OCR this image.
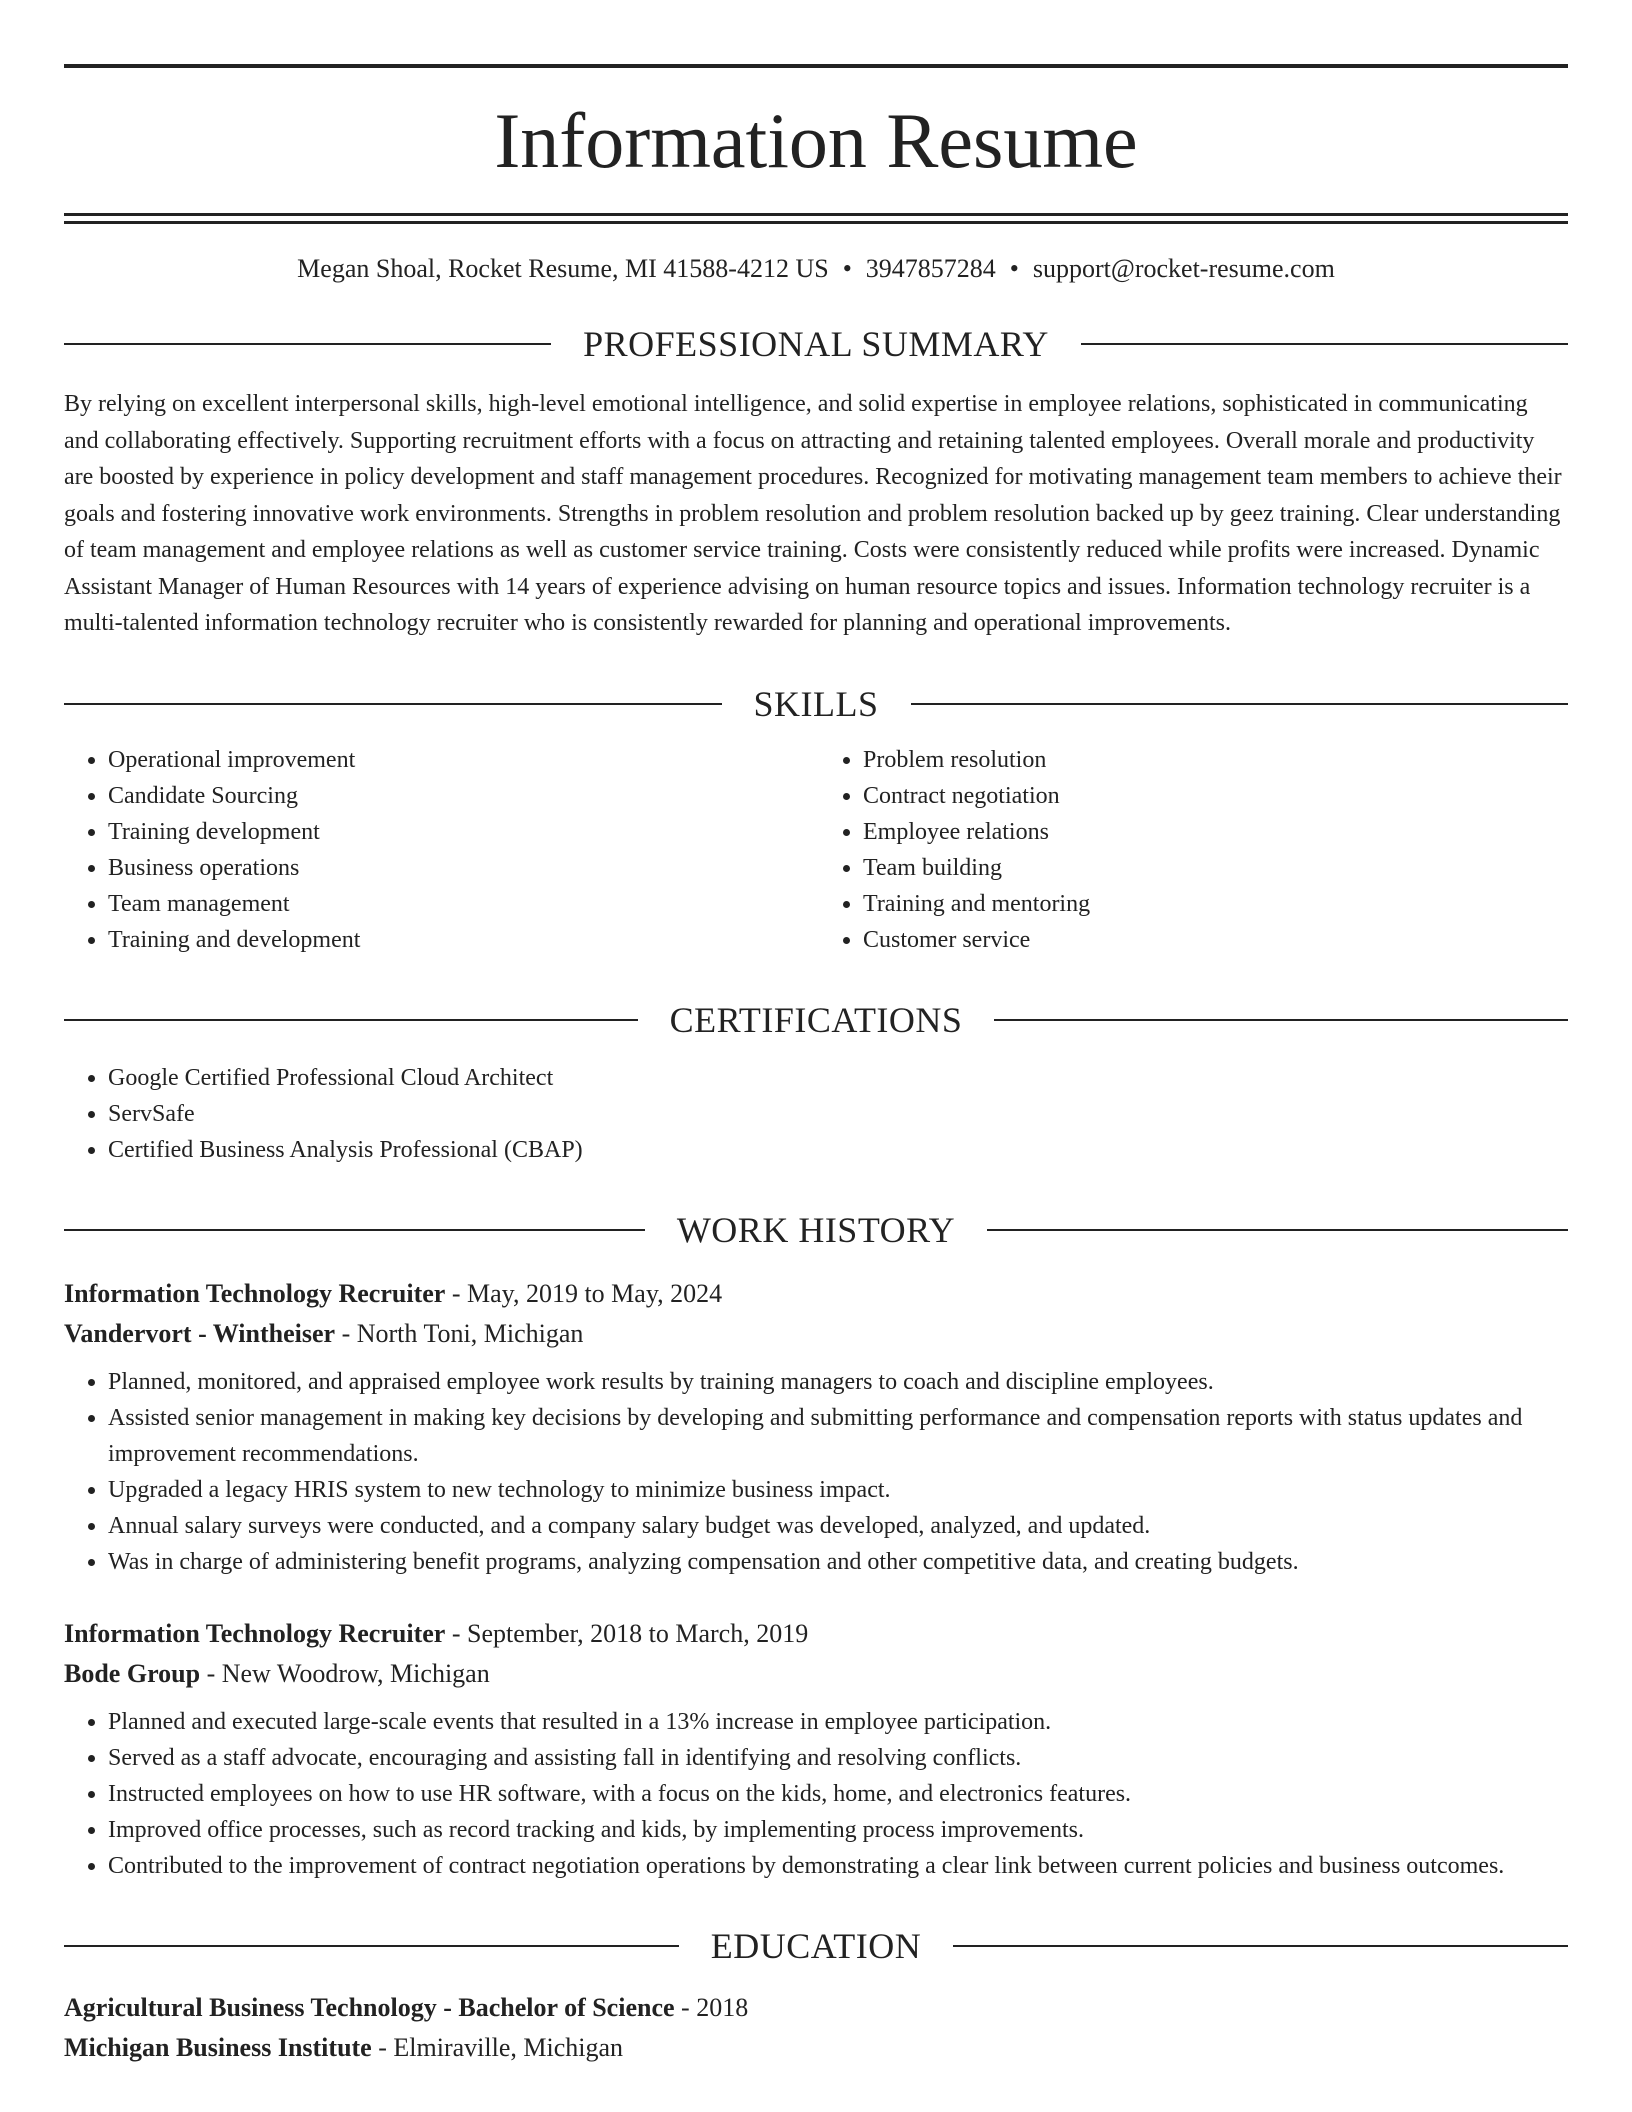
Information Resume
Megan Shoal, Rocket Resume, MI 41588-4212 US • 3947857284 • support@rocket-resume.com
PROFESSIONAL SUMMARY
By relying on excellent interpersonal skills, high-level emotional intelligence, and solid expertise in employee relations, sophisticated in communicating and collaborating effectively. Supporting recruitment efforts with a focus on attracting and retaining talented employees. Overall morale and productivity are boosted by experience in policy development and staff management procedures. Recognized for motivating management team members to achieve their goals and fostering innovative work environments. Strengths in problem resolution and problem resolution backed up by geez training. Clear understanding of team management and employee relations as well as customer service training. Costs were consistently reduced while profits were increased. Dynamic Assistant Manager of Human Resources with 14 years of experience advising on human resource topics and issues. Information technology recruiter is a multi-talented information technology recruiter who is consistently rewarded for planning and operational improvements.
SKILLS
• Operational improvement
• Candidate Sourcing
• Training development
• Business operations
• Team management
• Training and development
• Problem resolution
• Contract negotiation
• Employee relations
• Team building
• Training and mentoring
• Customer service
CERTIFICATIONS
• Google Certified Professional Cloud Architect
• ServSafe
• Certified Business Analysis Professional (CBAP)
WORK HISTORY
Information Technology Recruiter - May, 2019 to May, 2024
Vandervort - Wintheiser - North Toni, Michigan
• Planned, monitored, and appraised employee work results by training managers to coach and discipline employees.
• Assisted senior management in making key decisions by developing and submitting performance and compensation reports with status updates and improvement recommendations.
• Upgraded a legacy HRIS system to new technology to minimize business impact.
• Annual salary surveys were conducted, and a company salary budget was developed, analyzed, and updated.
• Was in charge of administering benefit programs, analyzing compensation and other competitive data, and creating budgets.
Information Technology Recruiter - September, 2018 to March, 2019
Bode Group - New Woodrow, Michigan
• Planned and executed large-scale events that resulted in a 13% increase in employee participation.
• Served as a staff advocate, encouraging and assisting fall in identifying and resolving conflicts.
• Instructed employees on how to use HR software, with a focus on the kids, home, and electronics features.
• Improved office processes, such as record tracking and kids, by implementing process improvements.
• Contributed to the improvement of contract negotiation operations by demonstrating a clear link between current policies and business outcomes.
EDUCATION
Agricultural Business Technology - Bachelor of Science - 2018
Michigan Business Institute - Elmiraville, Michigan
